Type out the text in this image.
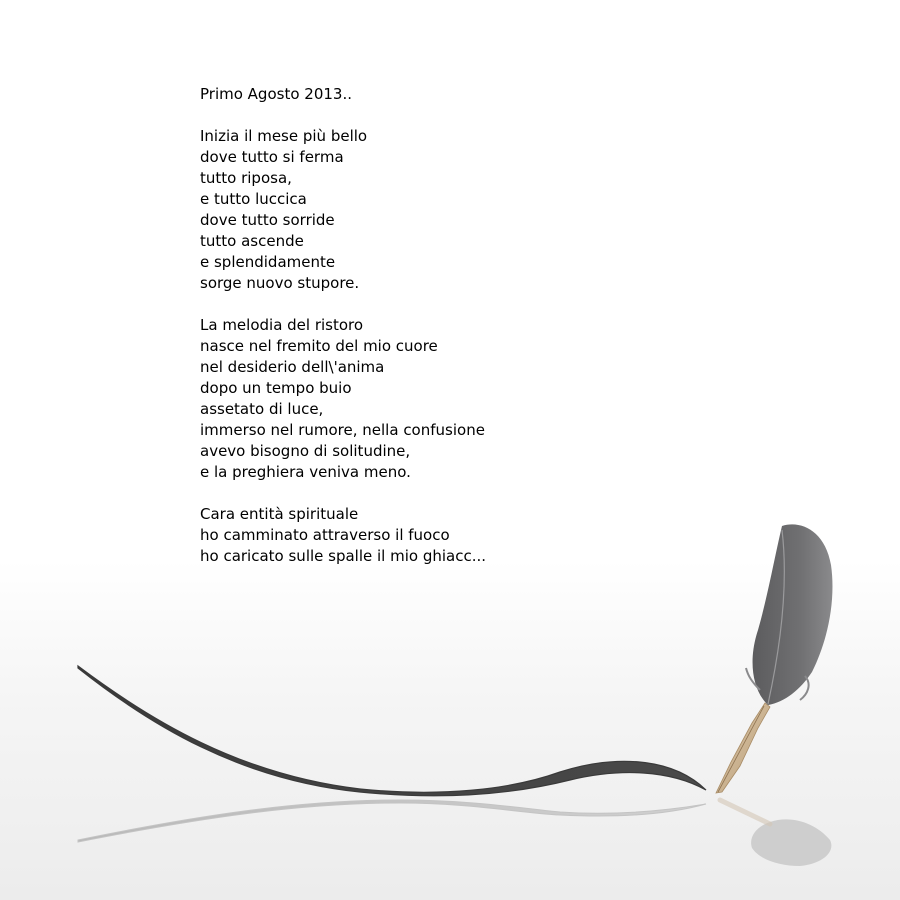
Primo Agosto 2013..
Inizia il mese più bello
dove tutto si ferma
tutto riposa,
e tutto luccica
dove tutto sorride
tutto ascende
e splendidamente
sorge nuovo stupore.
La melodia del ristoro
nasce nel fremito del mio cuore
nel desiderio dell\'anima
dopo un tempo buio
assetato di luce,
immerso nel rumore, nella confusione
avevo bisogno di solitudine,
e la preghiera veniva meno.
Cara entità spirituale
ho camminato attraverso il fuoco
ho caricato sulle spalle il mio ghiacc...
